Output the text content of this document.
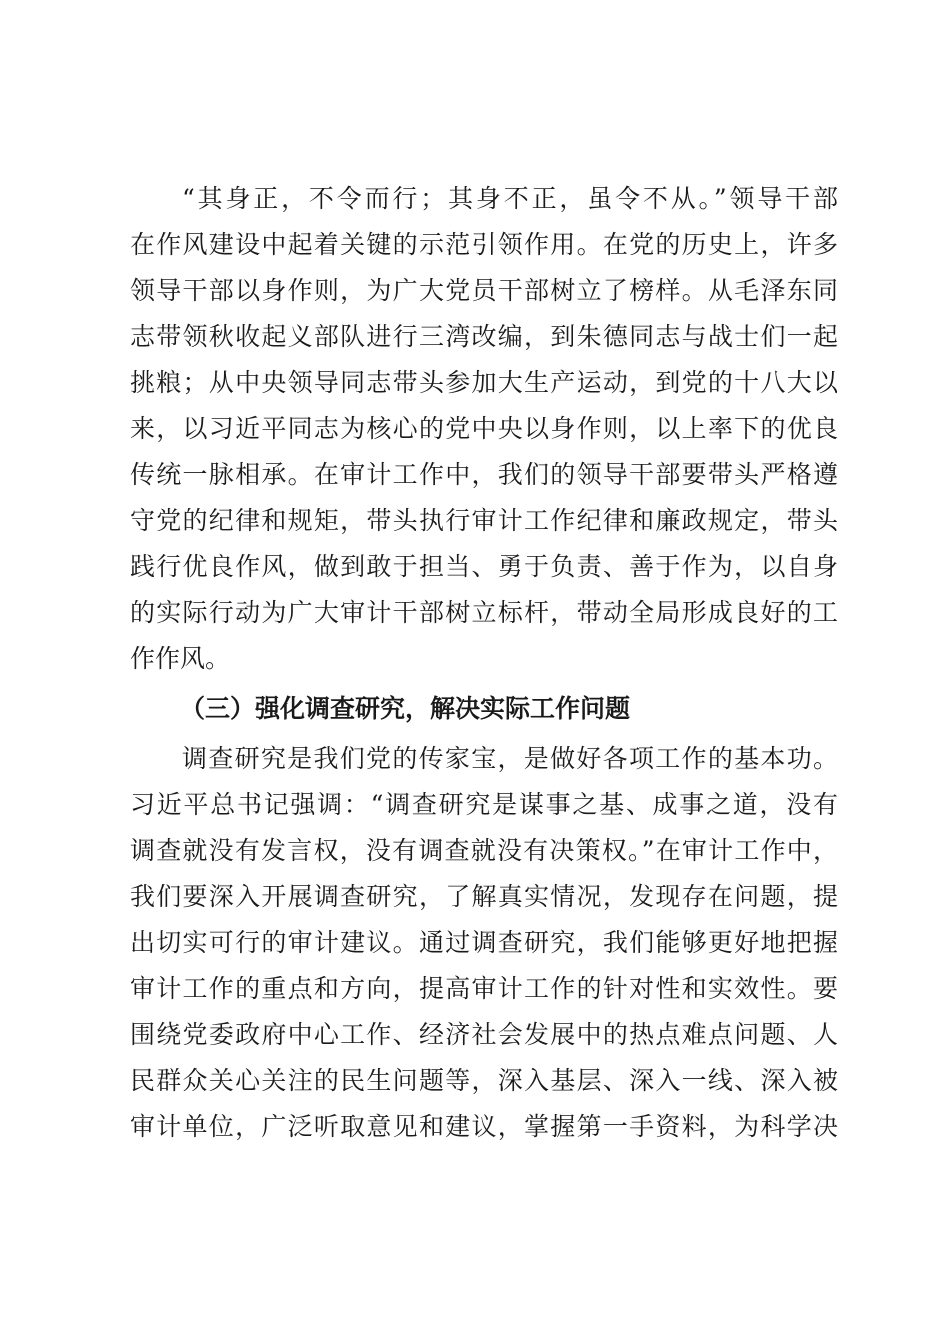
“其身正，不令而行；其身不正，虽令不从。”领导干部
在作风建设中起着关键的示范引领作用。在党的历史上，许多
领导干部以身作则，为广大党员干部树立了榜样。从毛泽东同
志带领秋收起义部队进行三湾改编，到朱德同志与战士们一起
挑粮；从中央领导同志带头参加大生产运动，到党的十八大以
来，以习近平同志为核心的党中央以身作则，以上率下的优良
传统一脉相承。在审计工作中，我们的领导干部要带头严格遵
守党的纪律和规矩，带头执行审计工作纪律和廉政规定，带头
践行优良作风，做到敢于担当、勇于负责、善于作为，以自身
的实际行动为广大审计干部树立标杆，带动全局形成良好的工
作作风。
（三）强化调查研究，解决实际工作问题
调查研究是我们党的传家宝，是做好各项工作的基本功。
习近平总书记强调：“调查研究是谋事之基、成事之道，没有
调查就没有发言权，没有调查就没有决策权。”在审计工作中，
我们要深入开展调查研究，了解真实情况，发现存在问题，提
出切实可行的审计建议。通过调查研究，我们能够更好地把握
审计工作的重点和方向，提高审计工作的针对性和实效性。要
围绕党委政府中心工作、经济社会发展中的热点难点问题、人
民群众关心关注的民生问题等，深入基层、深入一线、深入被
审计单位，广泛听取意见和建议，掌握第一手资料，为科学决
